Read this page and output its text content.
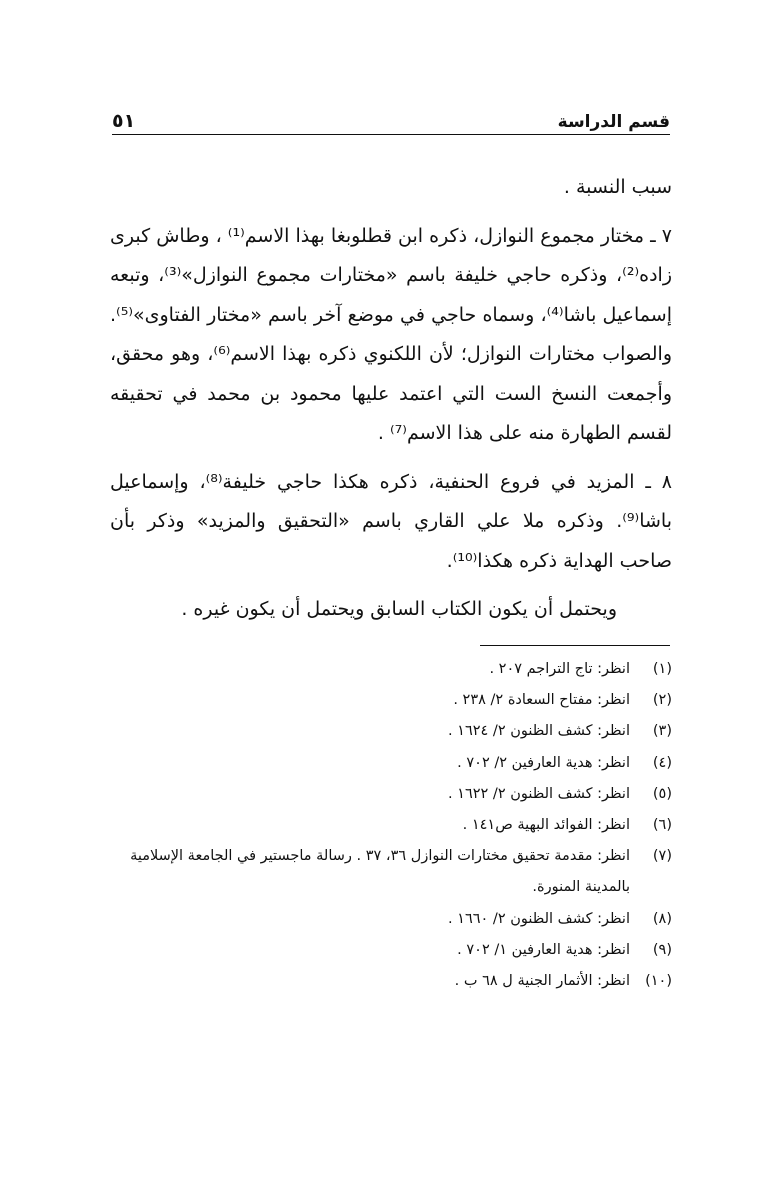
قسم الدراسة
٥١

سبب النسبة .

٧ ـ مختار مجموع النوازل، ذكره ابن قطلوبغا بهذا الاسم⁽¹⁾ ، وطاش كبرى زاده⁽²⁾، وذكره حاجي خليفة باسم «مختارات مجموع النوازل»⁽³⁾، وتبعه إسماعيل باشا⁽⁴⁾، وسماه حاجي في موضع آخر باسم «مختار الفتاوى»⁽⁵⁾. والصواب مختارات النوازل؛ لأن اللكنوي ذكره بهذا الاسم⁽⁶⁾، وهو محقق، وأجمعت النسخ الست التي اعتمد عليها محمود بن محمد في تحقيقه لقسم الطهارة منه على هذا الاسم⁽⁷⁾ .

٨ ـ المزيد في فروع الحنفية، ذكره هكذا حاجي خليفة⁽⁸⁾، وإسماعيل باشا⁽⁹⁾. وذكره ملا علي القاري باسم «التحقيق والمزيد» وذكر بأن صاحب الهداية ذكره هكذا⁽¹⁰⁾.

ويحتمل أن يكون الكتاب السابق ويحتمل أن يكون غيره .

(١)
انظر: تاج التراجم ٢٠٧ .
(٢)
انظر: مفتاح السعادة ٢/ ٢٣٨ .
(٣)
انظر: كشف الظنون ٢/ ١٦٢٤ .
(٤)
انظر: هدية العارفين ٢/ ٧٠٢ .
(٥)
انظر: كشف الظنون ٢/ ١٦٢٢ .
(٦)
انظر: الفوائد البهية ص١٤١ .
(٧)
انظر: مقدمة تحقيق مختارات النوازل ٣٦، ٣٧ . رسالة ماجستير في الجامعة الإسلامية بالمدينة المنورة.
(٨)
انظر: كشف الظنون ٢/ ١٦٦٠ .
(٩)
انظر: هدية العارفين ١/ ٧٠٢ .
(١٠)
انظر: الأثمار الجنية ل ٦٨ ب .
